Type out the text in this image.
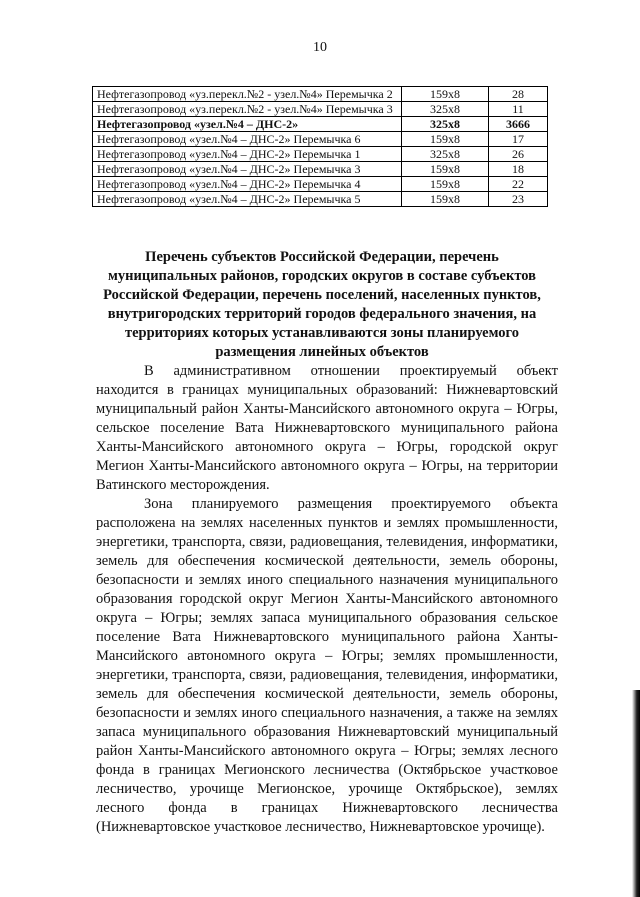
10
Нефтегазопровод «уз.перекл.№2 - узел.№4» Перемычка 2	159x8	28
Нефтегазопровод «уз.перекл.№2 - узел.№4» Перемычка 3	325x8	11
Нефтегазопровод «узел.№4 – ДНС-2»	325x8	3666
Нефтегазопровод «узел.№4 – ДНС-2» Перемычка 6	159x8	17
Нефтегазопровод «узел.№4 – ДНС-2» Перемычка 1	325x8	26
Нефтегазопровод «узел.№4 – ДНС-2» Перемычка 3	159x8	18
Нефтегазопровод «узел.№4 – ДНС-2» Перемычка 4	159x8	22
Нефтегазопровод «узел.№4 – ДНС-2» Перемычка 5	159x8	23
Перечень субъектов Российской Федерации, перечень муниципальных районов, городских округов в составе субъектов Российской Федерации, перечень поселений, населенных пунктов, внутригородских территорий городов федерального значения, на территориях которых устанавливаются зоны планируемого размещения линейных объектов

В административном отношении проектируемый объект находится в границах муниципальных образований: Нижневартовский муниципальный район Ханты-Мансийского автономного округа – Югры, сельское поселение Вата Нижневартовского муниципального района Ханты-Мансийского автономного округа – Югры, городской округ Мегион Ханты-Мансийского автономного округа – Югры, на территории Ватинского месторождения.

Зона планируемого размещения проектируемого объекта расположена на землях населенных пунктов и землях промышленности, энергетики, транспорта, связи, радиовещания, телевидения, информатики, земель для обеспечения космической деятельности, земель обороны, безопасности и землях иного специального назначения муниципального образования городской округ Мегион Ханты-Мансийского автономного округа – Югры; землях запаса муниципального образования сельское поселение Вата Нижневартовского муниципального района Ханты-Мансийского автономного округа – Югры; землях промышленности, энергетики, транспорта, связи, радиовещания, телевидения, информатики, земель для обеспечения космической деятельности, земель обороны, безопасности и землях иного специального назначения, а также на землях запаса муниципального образования Нижневартовский муниципальный район Ханты-Мансийского автономного округа – Югры; землях лесного фонда в границах Мегионского лесничества (Октябрьское участковое лесничество, урочище Мегионское, урочище Октябрьское), землях лесного фонда в границах Нижневартовского лесничества (Нижневартовское участковое лесничество, Нижневартовское урочище).
